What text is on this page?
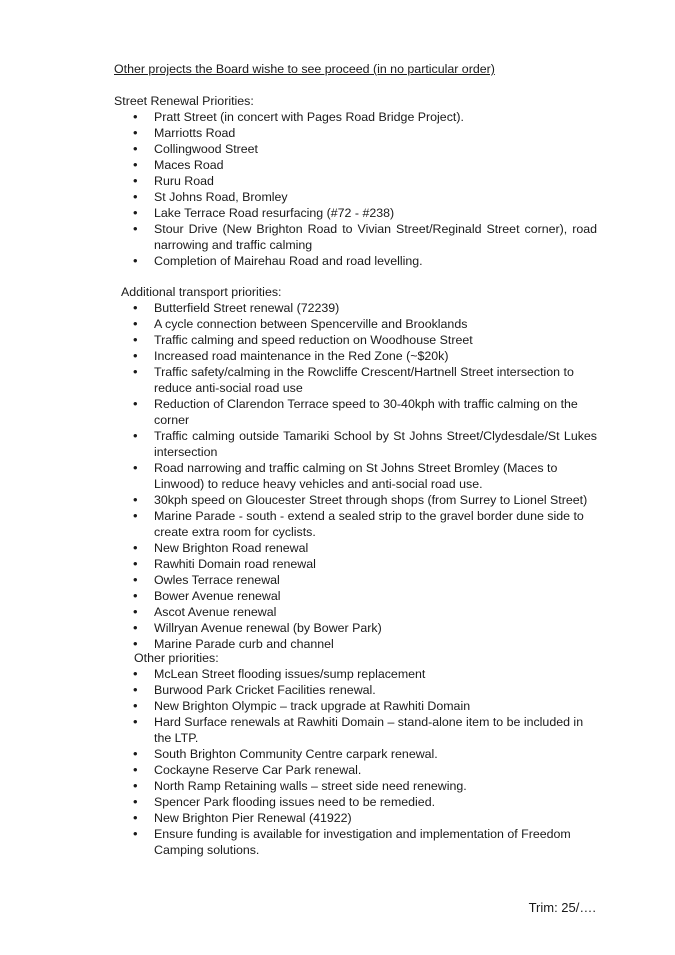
Other projects the Board wishe to see proceed (in no particular order)
Street Renewal Priorities:
• Pratt Street (in concert with Pages Road Bridge Project).
• Marriotts Road
• Collingwood Street
• Maces Road
• Ruru Road
• St Johns Road, Bromley
• Lake Terrace Road resurfacing (#72 - #238)
• Stour Drive (New Brighton Road to Vivian Street/Reginald Street corner), road narrowing and traffic calming
• Completion of Mairehau Road and road levelling.
Additional transport priorities:
• Butterfield Street renewal (72239)
• A cycle connection between Spencerville and Brooklands
• Traffic calming and speed reduction on Woodhouse Street
• Increased road maintenance in the Red Zone (~$20k)
• Traffic safety/calming in the Rowcliffe Crescent/Hartnell Street intersection to reduce anti-social road use
• Reduction of Clarendon Terrace speed to 30-40kph with traffic calming on the corner
• Traffic calming outside Tamariki School by St Johns Street/Clydesdale/St Lukes intersection
• Road narrowing and traffic calming on St Johns Street Bromley (Maces to Linwood) to reduce heavy vehicles and anti-social road use.
• 30kph speed on Gloucester Street through shops (from Surrey to Lionel Street)
• Marine Parade - south - extend a sealed strip to the gravel border dune side to create extra room for cyclists.
• New Brighton Road renewal
• Rawhiti Domain road renewal
• Owles Terrace renewal
• Bower Avenue renewal
• Ascot Avenue renewal
• Willryan Avenue renewal (by Bower Park)
• Marine Parade curb and channel
Other priorities:
• McLean Street flooding issues/sump replacement
• Burwood Park Cricket Facilities renewal.
• New Brighton Olympic – track upgrade at Rawhiti Domain
• Hard Surface renewals at Rawhiti Domain – stand-alone item to be included in the LTP.
• South Brighton Community Centre carpark renewal.
• Cockayne Reserve Car Park renewal.
• North Ramp Retaining walls – street side need renewing.
• Spencer Park flooding issues need to be remedied.
• New Brighton Pier Renewal (41922)
• Ensure funding is available for investigation and implementation of Freedom Camping solutions.
Trim: 25/….
